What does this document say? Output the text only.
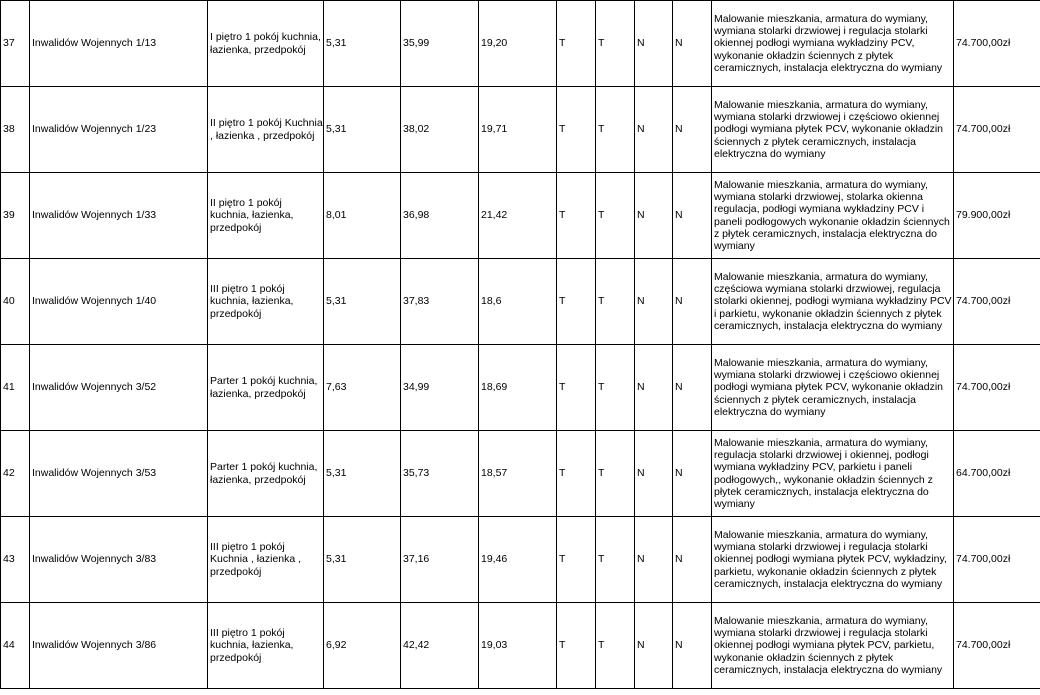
37	Inwalidów Wojennych 1/13	I piętro 1 pokój kuchnia, łazienka, przedpokój	5,31	35,99	19,20	T	T	N	N	Malowanie mieszkania, armatura do wymiany, wymiana stolarki drzwiowej i regulacja stolarki okiennej podłogi wymiana wykładziny PCV, wykonanie okładzin ściennych z płytek ceramicznych, instalacja elektryczna do wymiany	74.700,00zł
38	Inwalidów Wojennych 1/23	II piętro 1 pokój Kuchnia , łazienka , przedpokój	5,31	38,02	19,71	T	T	N	N	Malowanie mieszkania, armatura do wymiany, wymiana stolarki drzwiowej i częściowo okiennej podłogi wymiana płytek PCV, wykonanie okładzin ściennych z płytek ceramicznych, instalacja elektryczna do wymiany	74.700,00zł
39	Inwalidów Wojennych 1/33	II piętro 1 pokój kuchnia, łazienka, przedpokój	8,01	36,98	21,42	T	T	N	N	Malowanie mieszkania, armatura do wymiany, wymiana stolarki drzwiowej, stolarka okienna regulacja, podłogi wymiana wykładziny PCV i paneli podłogowych wykonanie okładzin ściennych z płytek ceramicznych, instalacja elektryczna do wymiany	79.900,00zł
40	Inwalidów Wojennych 1/40	III piętro 1 pokój kuchnia, łazienka, przedpokój	5,31	37,83	18,6	T	T	N	N	Malowanie mieszkania, armatura do wymiany, częściowa wymiana stolarki drzwiowej, regulacja stolarki okiennej, podłogi wymiana wykładziny PCV i parkietu, wykonanie okładzin ściennych z płytek ceramicznych, instalacja elektryczna do wymiany	74.700,00zł
41	Inwalidów Wojennych 3/52	Parter 1 pokój kuchnia, łazienka, przedpokój	7,63	34,99	18,69	T	T	N	N	Malowanie mieszkania, armatura do wymiany, wymiana stolarki drzwiowej i częściowo okiennej podłogi wymiana płytek PCV, wykonanie okładzin ściennych z płytek ceramicznych, instalacja elektryczna do wymiany	74.700,00zł
42	Inwalidów Wojennych 3/53	Parter 1 pokój kuchnia, łazienka, przedpokój	5,31	35,73	18,57	T	T	N	N	Malowanie mieszkania, armatura do wymiany, regulacja stolarki drzwiowej i okiennej, podłogi wymiana wykładziny PCV, parkietu i paneli podłogowych,, wykonanie okładzin ściennych z płytek ceramicznych, instalacja elektryczna do wymiany	64.700,00zł
43	Inwalidów Wojennych 3/83	III piętro 1 pokój Kuchnia , łazienka , przedpokój	5,31	37,16	19,46	T	T	N	N	Malowanie mieszkania, armatura do wymiany, wymiana stolarki drzwiowej i regulacja stolarki okiennej podłogi wymiana płytek PCV, wykładziny, parkietu, wykonanie okładzin ściennych z płytek ceramicznych, instalacja elektryczna do wymiany	74.700,00zł
44	Inwalidów Wojennych 3/86	III piętro 1 pokój kuchnia, łazienka, przedpokój	6,92	42,42	19,03	T	T	N	N	Malowanie mieszkania, armatura do wymiany, wymiana stolarki drzwiowej i regulacja stolarki okiennej podłogi wymiana płytek PCV, parkietu, wykonanie okładzin ściennych z płytek ceramicznych, instalacja elektryczna do wymiany	74.700,00zł
